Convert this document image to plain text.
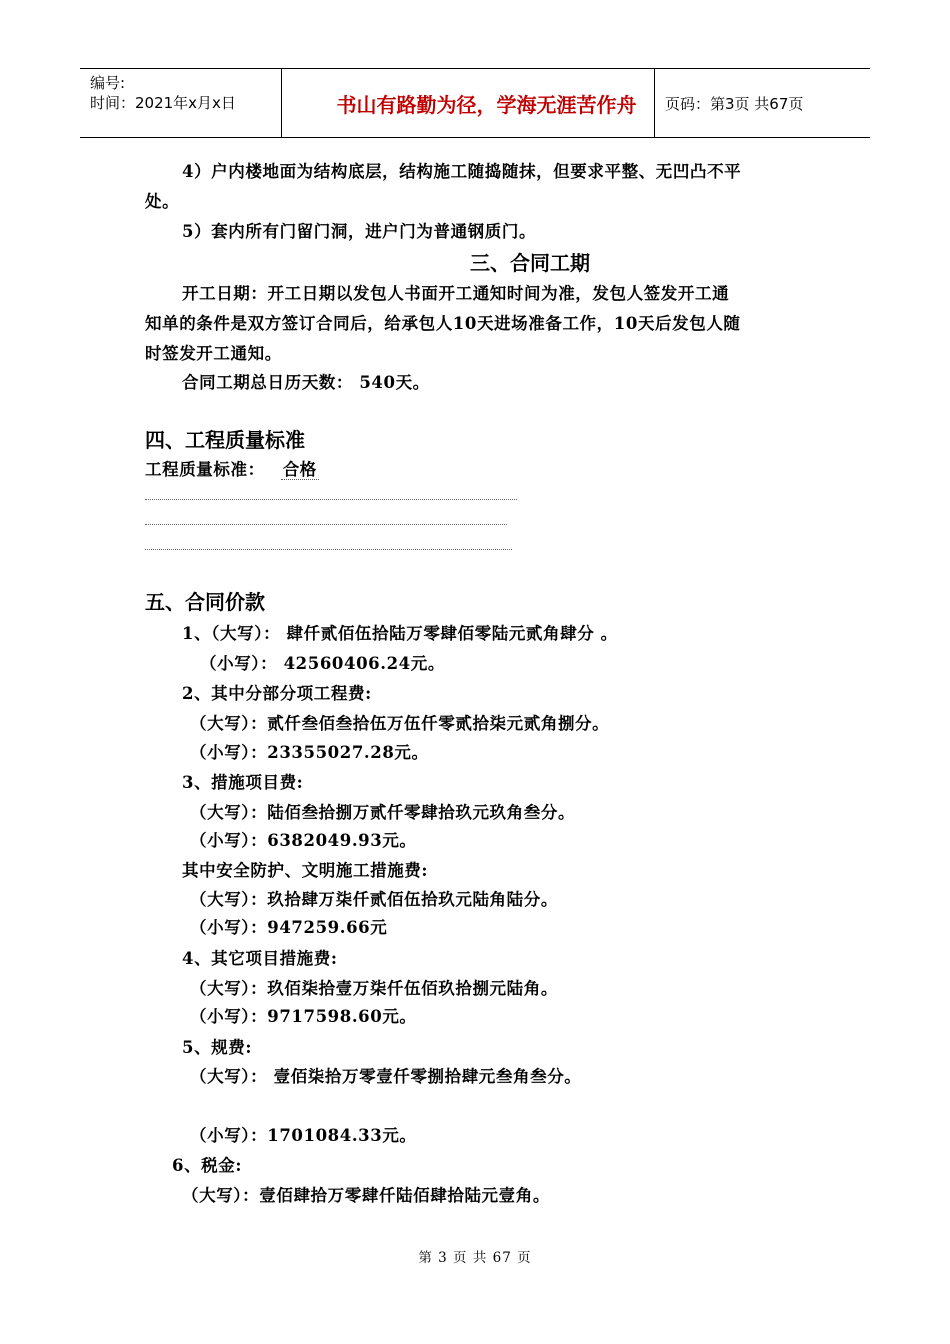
编号:
时间：2021年x月x日	书山有路勤为径，学海无涯苦作舟	页码：第3页 共67页
4）户内楼地面为结构底层，结构施工随捣随抹，但要求平整、无凹凸不平
处。
5）套内所有门留门洞，进户门为普通钢质门。
三、合同工期
开工日期：开工日期以发包人书面开工通知时间为准，发包人签发开工通
知单的条件是双方签订合同后，给承包人10天进场准备工作，10天后发包人随
时签发开工通知。
合同工期总日历天数： 540天。
四、工程质量标准
工程质量标准： 合格
五、合同价款
1、（大写）： 肆仟贰佰伍拾陆万零肆佰零陆元贰角肆分 。
（小写）： 42560406.24元。
2、其中分部分项工程费:
（大写）：贰仟叁佰叁拾伍万伍仟零贰拾柒元贰角捌分。
（小写）：23355027.28元。
3、措施项目费:
（大写）：陆佰叁拾捌万贰仟零肆拾玖元玖角叁分。
（小写）：6382049.93元。
其中安全防护、文明施工措施费:
（大写）：玖拾肆万柒仟贰佰伍拾玖元陆角陆分。
（小写）：947259.66元
4、其它项目措施费:
（大写）：玖佰柒拾壹万柒仟伍佰玖拾捌元陆角。
（小写）：9717598.60元。
5、规费:
（大写）： 壹佰柒拾万零壹仟零捌拾肆元叁角叁分。
（小写）：1701084.33元。
6、税金:
（大写）：壹佰肆拾万零肆仟陆佰肆拾陆元壹角。
第 3 页 共 67 页
